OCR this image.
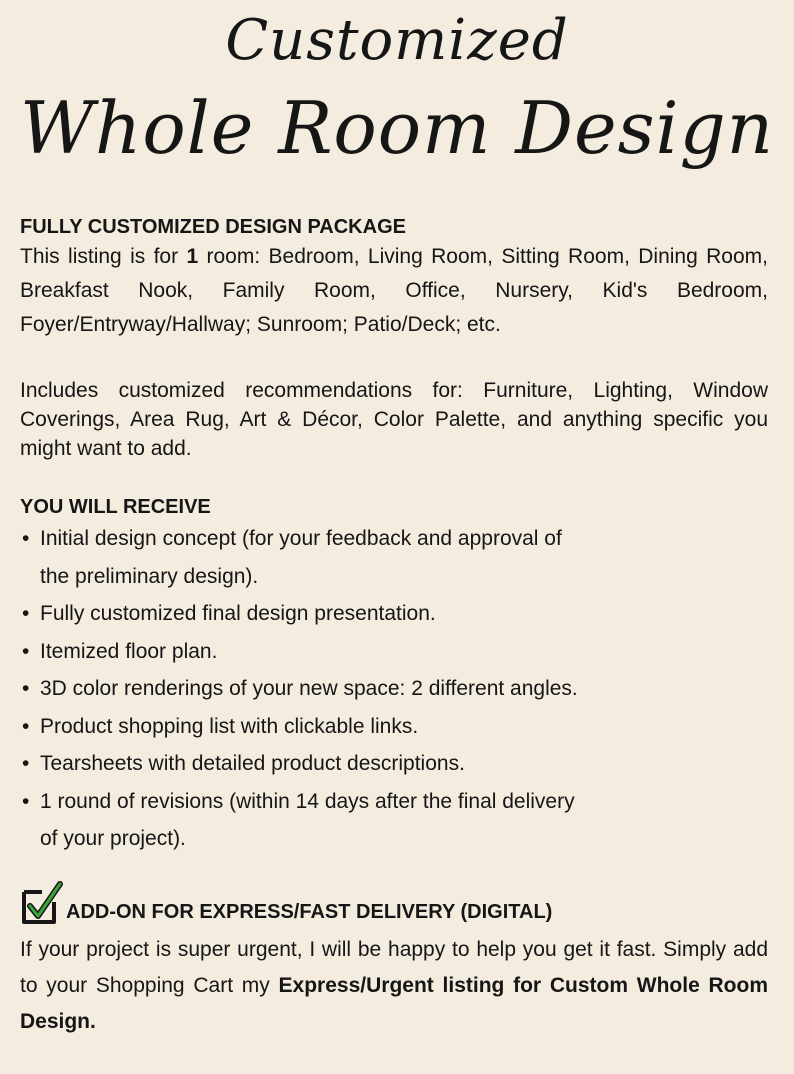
Customized
Whole Room Design

FULLY CUSTOMIZED DESIGN PACKAGE

This listing is for 1 room: Bedroom, Living Room, Sitting Room, Dining Room, Breakfast Nook, Family Room, Office, Nursery, Kid's Bedroom, Foyer/Entryway/Hallway; Sunroom; Patio/Deck; etc.

Includes customized recommendations for: Furniture, Lighting, Window Coverings, Area Rug, Art & Décor, Color Palette, and anything specific you might want to add.

YOU WILL RECEIVE

• Initial design concept (for your feedback and approval of
the preliminary design).
• Fully customized final design presentation.
• Itemized floor plan.
• 3D color renderings of your new space: 2 different angles.
• Product shopping list with clickable links.
• Tearsheets with detailed product descriptions.
• 1 round of revisions (within 14 days after the final delivery
of your project).
ADD-ON FOR EXPRESS/FAST DELIVERY (DIGITAL)

If your project is super urgent, I will be happy to help you get it fast. Simply add to your Shopping Cart my Express/Urgent listing for Custom Whole Room Design.
